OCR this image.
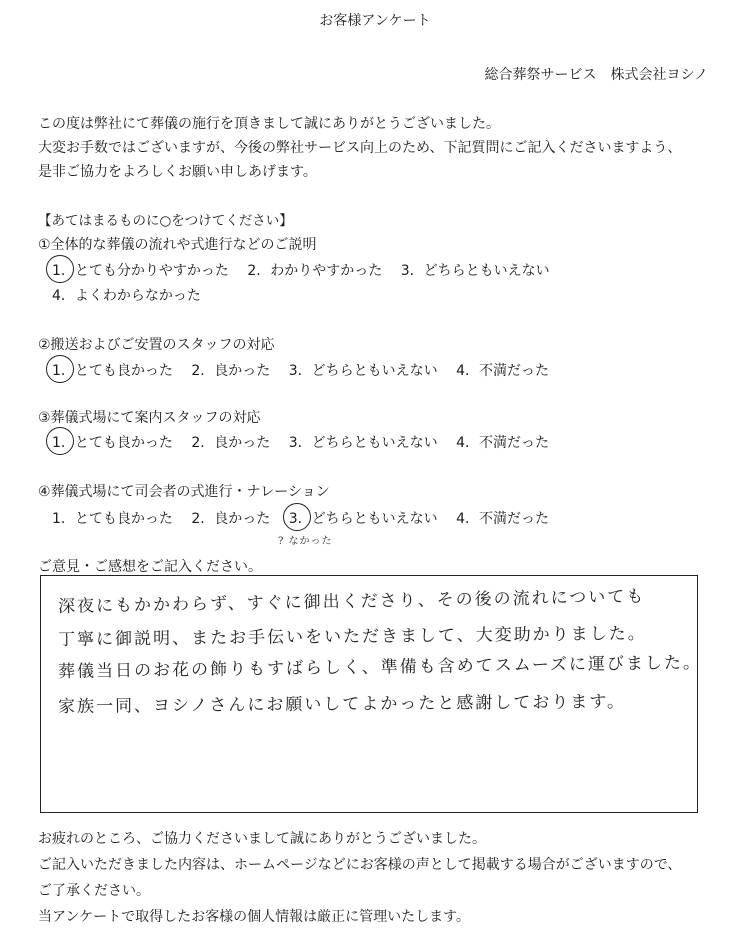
お客様アンケート
総合葬祭サービス　株式会社ヨシノ
この度は弊社にて葬儀の施行を頂きまして誠にありがとうございました。
大変お手数ではございますが、今後の弊社サービス向上のため、下記質問にご記入くださいますよう、
是非ご協力をよろしくお願い申しあげます。
【あてはまるものに○をつけてください】
①全体的な葬儀の流れや式進行などのご説明
1．とても分かりやすかった 2．わかりやすかった 3．どちらともいえない
4．よくわからなかった
②搬送およびご安置のスタッフの対応
1．とても良かった 2．良かった 3．どちらともいえない 4．不満だった
③葬儀式場にて案内スタッフの対応
1．とても良かった 2．良かった 3．どちらともいえない 4．不満だった
④葬儀式場にて司会者の式進行・ナレーション
1．とても良かった 2．良かった 3．どちらともいえない 4．不満だった
? なかった
ご意見・ご感想をご記入ください。
深夜にもかかわらず、すぐに御出くださり、その後の流れについても
丁寧に御説明、またお手伝いをいただきまして、大変助かりました。
葬儀当日のお花の飾りもすばらしく、準備も含めてスムーズに運びました。
家族一同、ヨシノさんにお願いしてよかったと感謝しております。
お疲れのところ、ご協力くださいまして誠にありがとうございました。
ご記入いただきました内容は、ホームページなどにお客様の声として掲載する場合がございますので、
ご了承ください。
当アンケートで取得したお客様の個人情報は厳正に管理いたします。
